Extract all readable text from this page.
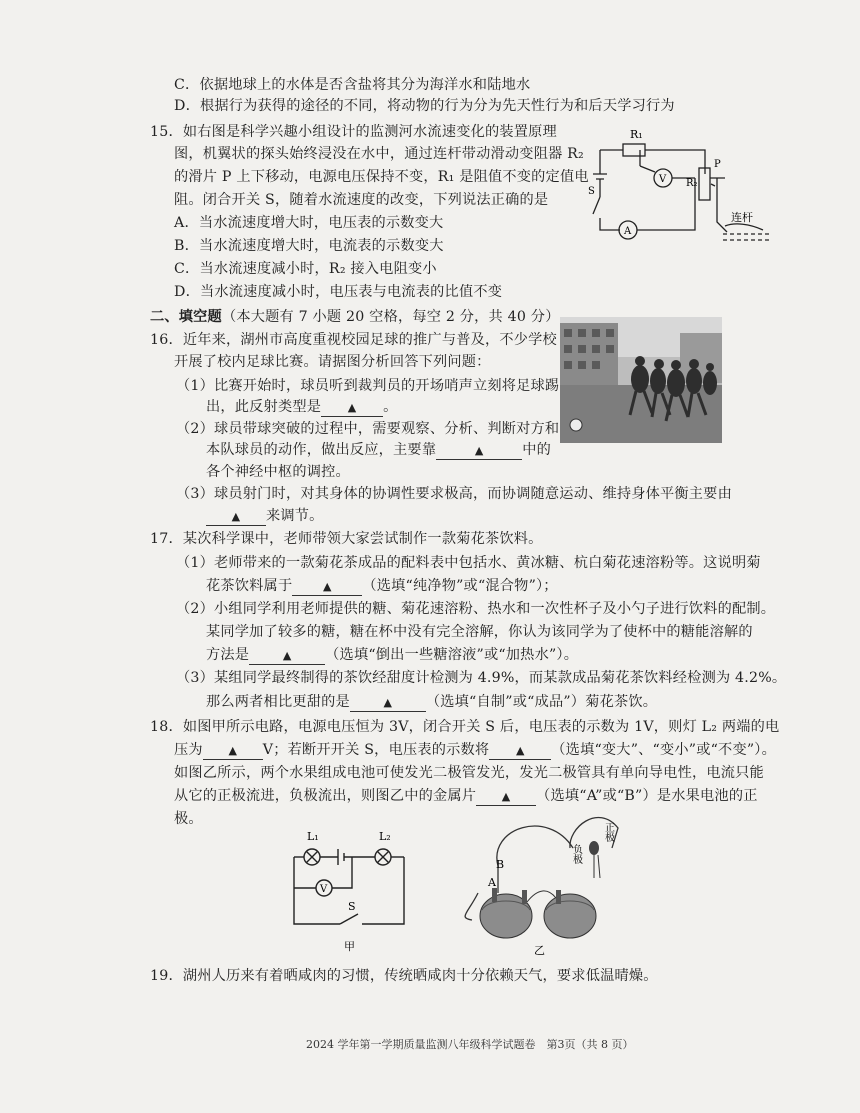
C．依据地球上的水体是否含盐将其分为海洋水和陆地水
D．根据行为获得的途径的不同，将动物的行为分为先天性行为和后天学习行为
15．如右图是科学兴趣小组设计的监测河水流速变化的装置原理
图，机翼状的探头始终浸没在水中，通过连杆带动滑动变阻器 R₂
的滑片 P 上下移动，电源电压保持不变，R₁ 是阻值不变的定值电
阻。闭合开关 S，随着水流速度的改变，下列说法正确的是
A．当水流速度增大时，电压表的示数变大
B．当水流速度增大时，电流表的示数变大
C．当水流速度减小时，R₂ 接入电阻变小
D．当水流速度减小时，电压表与电流表的比值不变
R₁
R₂
P
S
V
A
连杆
二、填空题（本大题有 7 小题 20 空格，每空 2 分，共 40 分）
16．近年来，湖州市高度重视校园足球的推广与普及，不少学校
开展了校内足球比赛。请据图分析回答下列问题：
（1）比赛开始时，球员听到裁判员的开场哨声立刻将足球踢
出，此反射类型是 ▲ 。
（2）球员带球突破的过程中，需要观察、分析、判断对方和
本队球员的动作，做出反应，主要靠	▲	中的
各个神经中枢的调控。
（3）球员射门时，对其身体的协调性要求极高，而协调随意运动、维持身体平衡主要由
▲ 来调节。
17．某次科学课中，老师带领大家尝试制作一款菊花茶饮料。
（1）老师带来的一款菊花茶成品的配料表中包括水、黄冰糖、杭白菊花速溶粉等。这说明菊
花茶饮料属于	▲ （选填“纯净物”或“混合物”）；
（2）小组同学利用老师提供的糖、菊花速溶粉、热水和一次性杯子及小勺子进行饮料的配制。
某同学加了较多的糖，糖在杯中没有完全溶解，你认为该同学为了使杯中的糖能溶解的
方法是	▲ （选填“倒出一些糖溶液”或“加热水”）。
（3）某组同学最终制得的茶饮经甜度计检测为 4.9%，而某款成品菊花茶饮料经检测为 4.2%。
那么两者相比更甜的是	▲ （选填“自制”或“成品”）菊花茶饮。
18．如图甲所示电路，电源电压恒为 3V，闭合开关 S 后，电压表的示数为 1V，则灯 L₂ 两端的电
压为 ▲ V；若断开开关 S，电压表的示数将 ▲ （选填“变大”、“变小”或“不变”）。
如图乙所示，两个水果组成电池可使发光二极管发光，发光二极管具有单向导电性，电流只能
从它的正极流进，负极流出，则图乙中的金属片 ▲ （选填“A”或“B”）是水果电池的正
极。
L₁	L₂
V
S
甲
A
B
负极
正极
乙
19．湖州人历来有着晒咸肉的习惯，传统晒咸肉十分依赖天气，要求低温晴燥。
2024 学年第一学期质量监测八年级科学试题卷　第3页（共 8 页）
